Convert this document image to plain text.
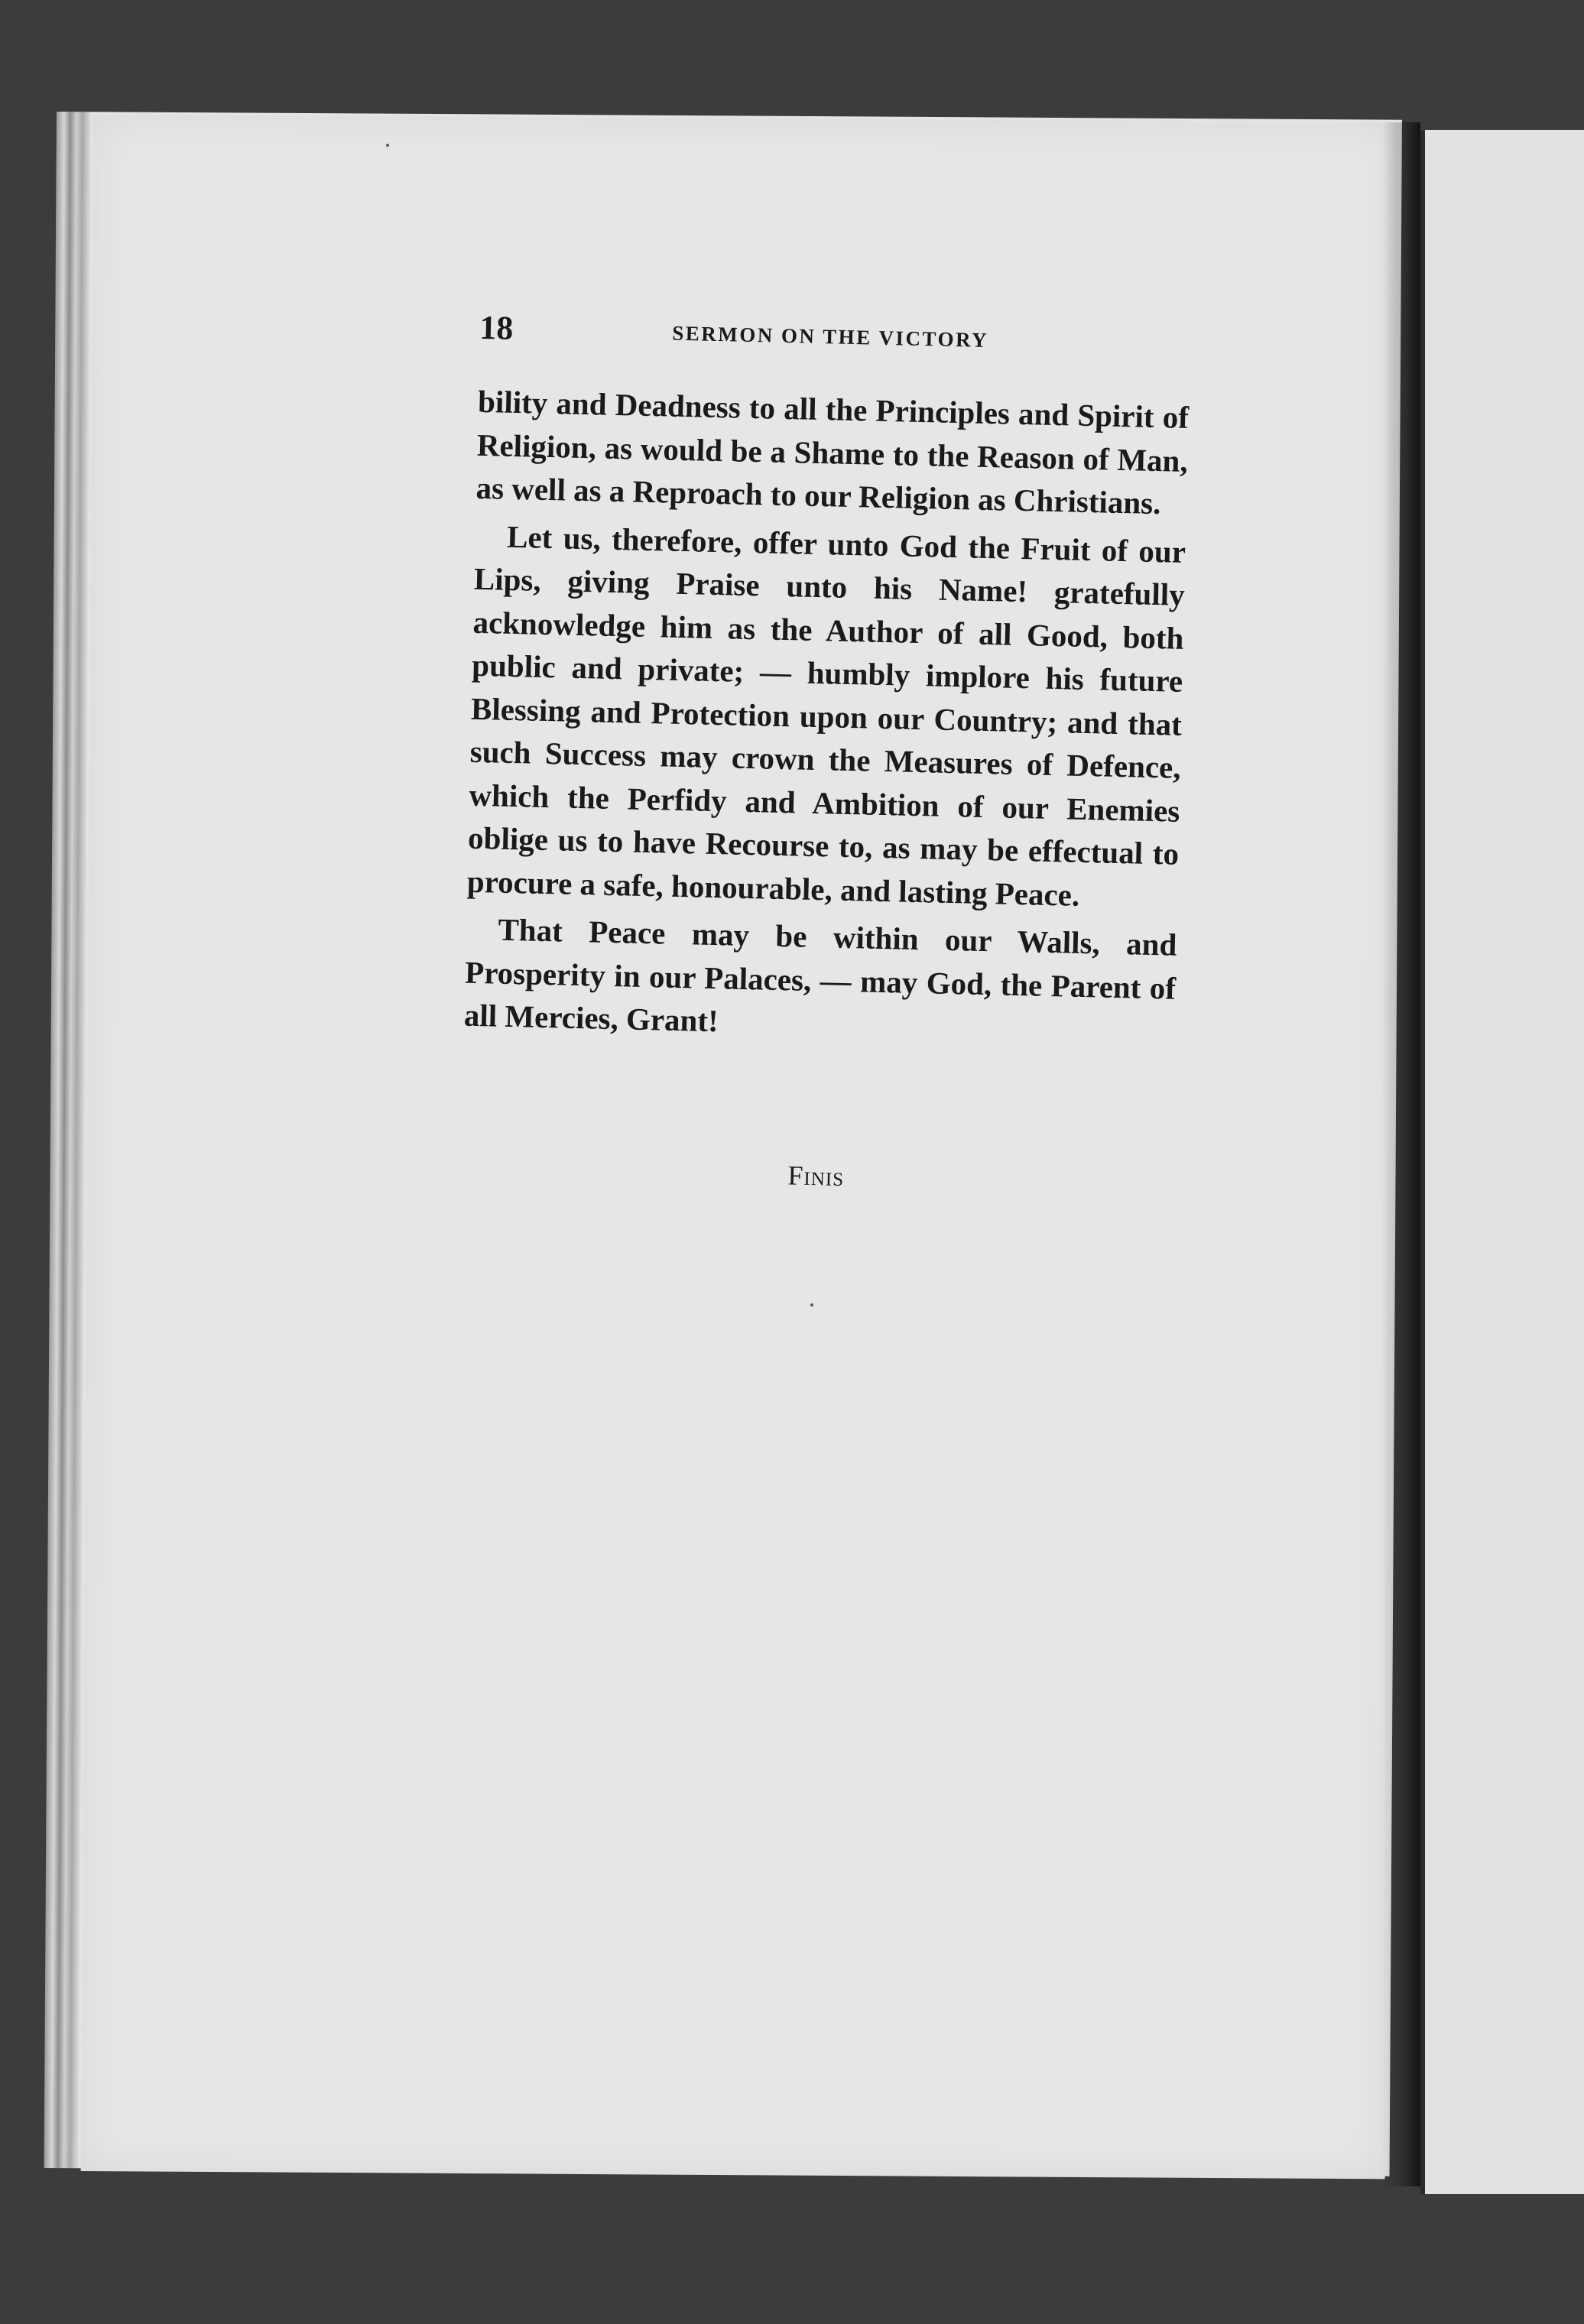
18	SERMON ON THE VICTORY

bility and Deadness to all the Principles and Spirit of Religion, as would be a Shame to the Reason of Man, as well as a Reproach to our Religion as Christians.

Let us, therefore, offer unto God the Fruit of our Lips, giving Praise unto his Name! gratefully acknowledge him as the Author of all Good, both public and private; — humbly implore his future Blessing and Protection upon our Country; and that such Success may crown the Measures of Defence, which the Perfidy and Ambition of our Enemies oblige us to have Recourse to, as may be effectual to procure a safe, honourable, and lasting Peace.

That Peace may be within our Walls, and Prosperity in our Palaces, — may God, the Parent of all Mercies, Grant!

Finis
